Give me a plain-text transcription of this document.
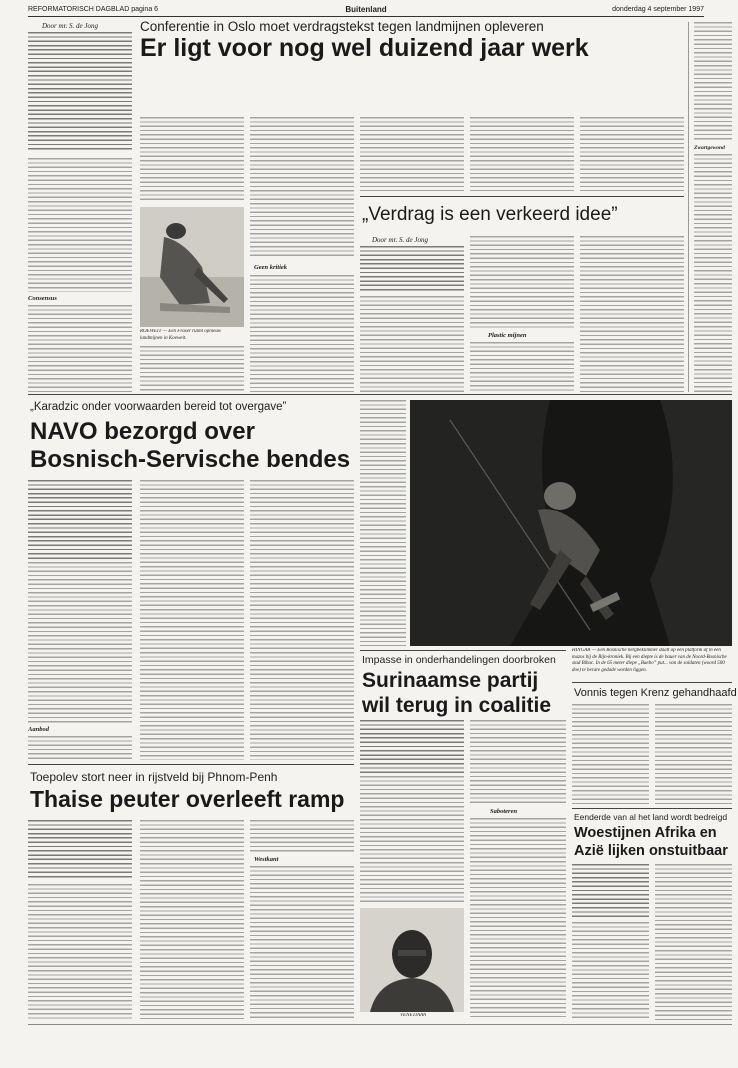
REFORMATORISCH DAGBLAD pagina 6	Buitenland	donderdag 4 september 1997
Door mr. S. de Jong
Consensus
Conferentie in Oslo moet verdragstekst tegen landmijnen opleveren
Er ligt voor nog wel duizend jaar werk
ROEWEIT — Een Fraser ruimt opnieuw landmijnen in Koeweit.
Geen kritiek
„Verdrag is een verkeerd idee”
Door mr. S. de Jong
Plastic mijnen
Zwartgewond
„Karadzic onder voorwaarden bereid tot overgave”
NAVO bezorgd over
Bosnisch-Servische bendes
Aanbod
HINGAR — Een Bosnische hergbeklimmer daalt op een platform af in een mazos bij de Rijn-kroniek. Bij een diepte is de bauer van de Noord-Bosnische stad Bihac. In de 65 meter diepe „Baebo” put... van de soldaten (woord 500 doe) te berare gedade worden liggen.
Impasse in onderhandelingen doorbroken
Surinaamse partij
wil terug in coalitie
VENETIAAN
Saboteren
Vonnis tegen Krenz gehandhaafd
Toepolev stort neer in rijstveld bij Phnom-Penh
Thaise peuter overleeft ramp
Westkant
Eenderde van al het land wordt bedreigd
Woestijnen Afrika en
Azië lijken onstuitbaar
